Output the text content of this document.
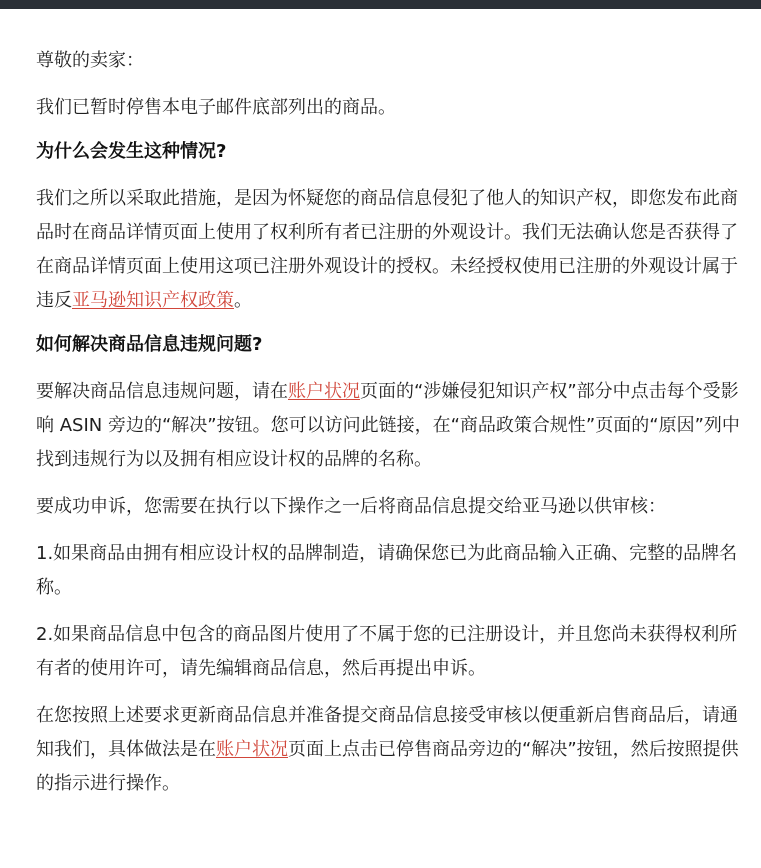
尊敬的卖家：

我们已暂时停售本电子邮件底部列出的商品。

为什么会发生这种情况?

我们之所以采取此措施，是因为怀疑您的商品信息侵犯了他人的知识产权，即您发布此商品时在商品详情页面上使用了权利所有者已注册的外观设计。我们无法确认您是否获得了在商品详情页面上使用这项已注册外观设计的授权。未经授权使用已注册的外观设计属于违反亚马逊知识产权政策。

如何解决商品信息违规问题?

要解决商品信息违规问题，请在账户状况页面的“涉嫌侵犯知识产权”部分中点击每个受影响 ASIN 旁边的“解决”按钮。您可以访问此链接，在“商品政策合规性”页面的“原因”列中找到违规行为以及拥有相应设计权的品牌的名称。

要成功申诉，您需要在执行以下操作之一后将商品信息提交给亚马逊以供审核：

1.如果商品由拥有相应设计权的品牌制造，请确保您已为此商品输入正确、完整的品牌名称。

2.如果商品信息中包含的商品图片使用了不属于您的已注册设计，并且您尚未获得权利所有者的使用许可，请先编辑商品信息，然后再提出申诉。

在您按照上述要求更新商品信息并准备提交商品信息接受审核以便重新启售商品后，请通知我们，具体做法是在账户状况页面上点击已停售商品旁边的“解决”按钮，然后按照提供的指示进行操作。
